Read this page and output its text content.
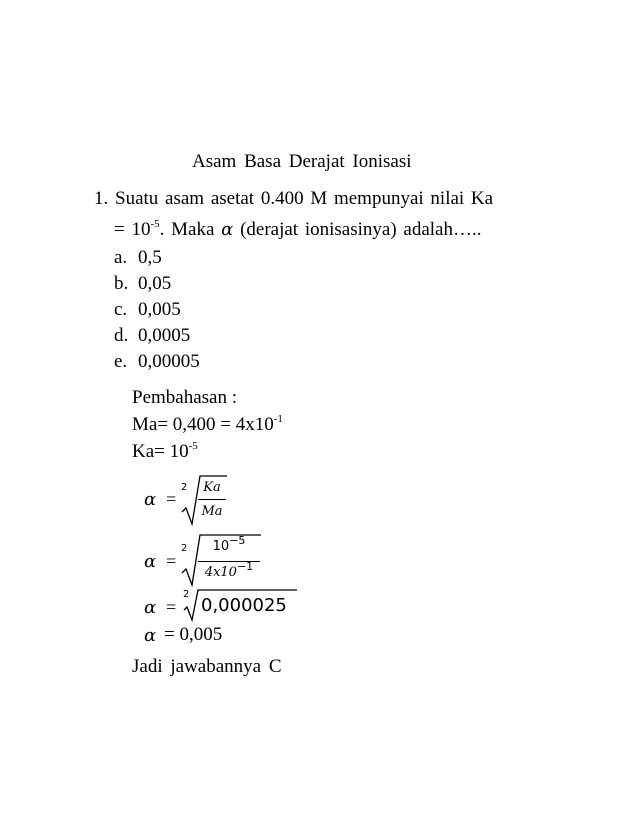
Asam Basa Derajat Ionisasi
1. Suatu asam asetat 0.400 M mempunyai nilai Ka
= $10^{-5}$. Maka α (derajat ionisasinya) adalah…..
a. 0,5
b. 0,05
c. 0,005
d. 0,0005
e. 0,00005
Pembahasan :
$Ma= 0,400 = 4x10^{-1}$
$Ka= 10^{-5}$
α =
2	Ka
Ma
α =
2	$10^{-5}$
$4x10^{-1}$
α =
2
0,000025
α = 0,005
Jadi jawabannya C
